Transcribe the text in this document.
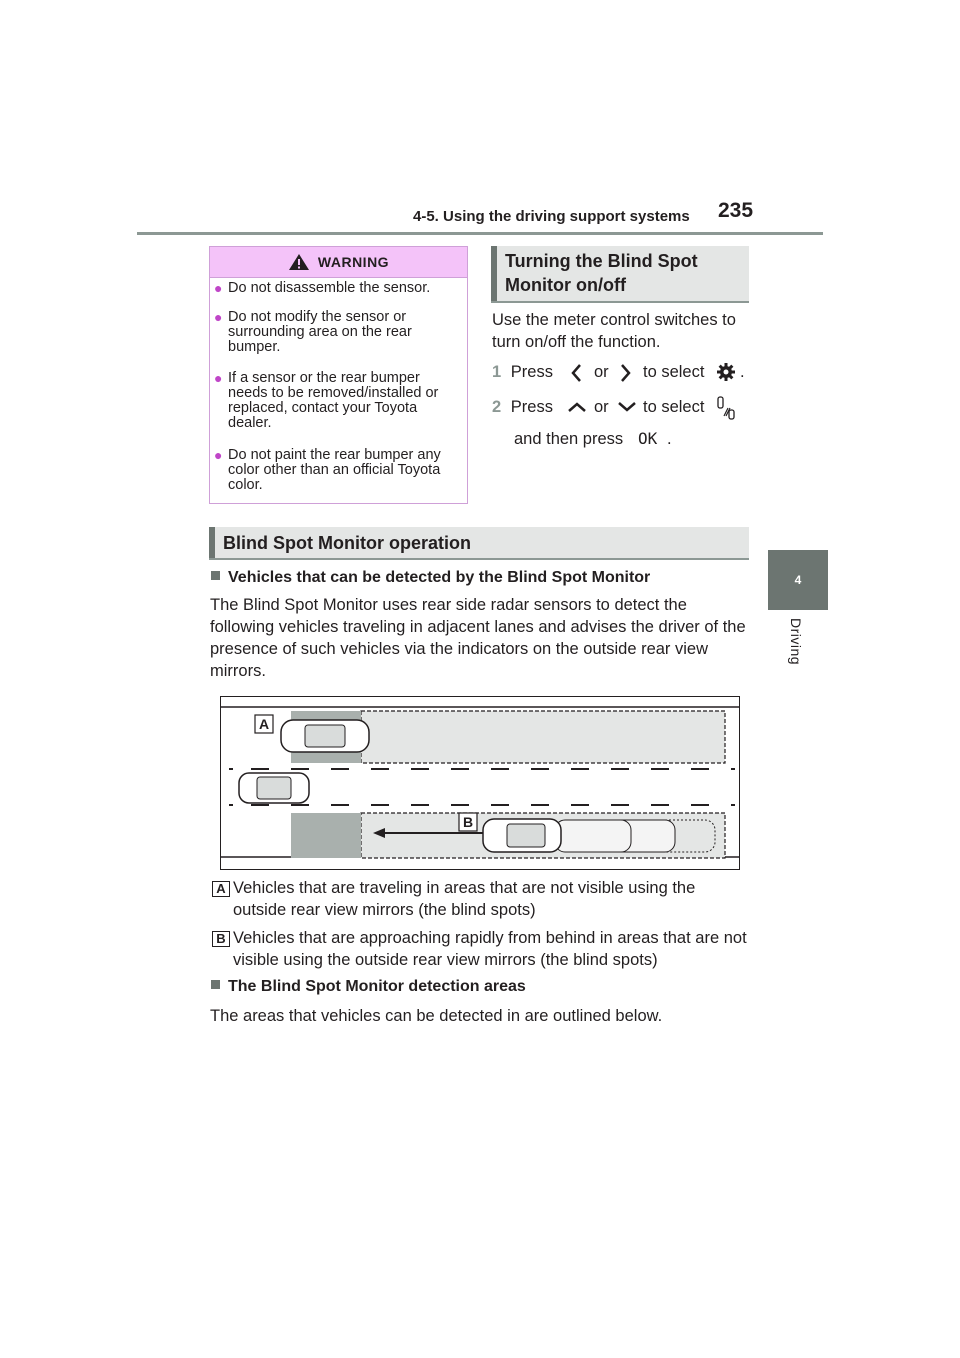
4-5. Using the driving support systems 235
4
Driving
WARNING
● Do not disassemble the sensor.
● Do not modify the sensor or surrounding area on the rear bumper.
● If a sensor or the rear bumper needs to be removed/installed or replaced, contact your Toyota dealer.
● Do not paint the rear bumper any color other than an official Toyota color.
Turning the Blind Spot
Monitor on/off
Use the meter control switches to turn on/off the function.
1 Press or to select .
2 Press or to select
and then press OK .
Blind Spot Monitor operation
Vehicles that can be detected by the Blind Spot Monitor
The Blind Spot Monitor uses rear side radar sensors to detect the following vehicles traveling in adjacent lanes and advises the driver of the presence of such vehicles via the indicators on the outside rear view mirrors.
A
B
A Vehicles that are traveling in areas that are not visible using the outside rear view mirrors (the blind spots)
B Vehicles that are approaching rapidly from behind in areas that are not visible using the outside rear view mirrors (the blind spots)
The Blind Spot Monitor detection areas
The areas that vehicles can be detected in are outlined below.
